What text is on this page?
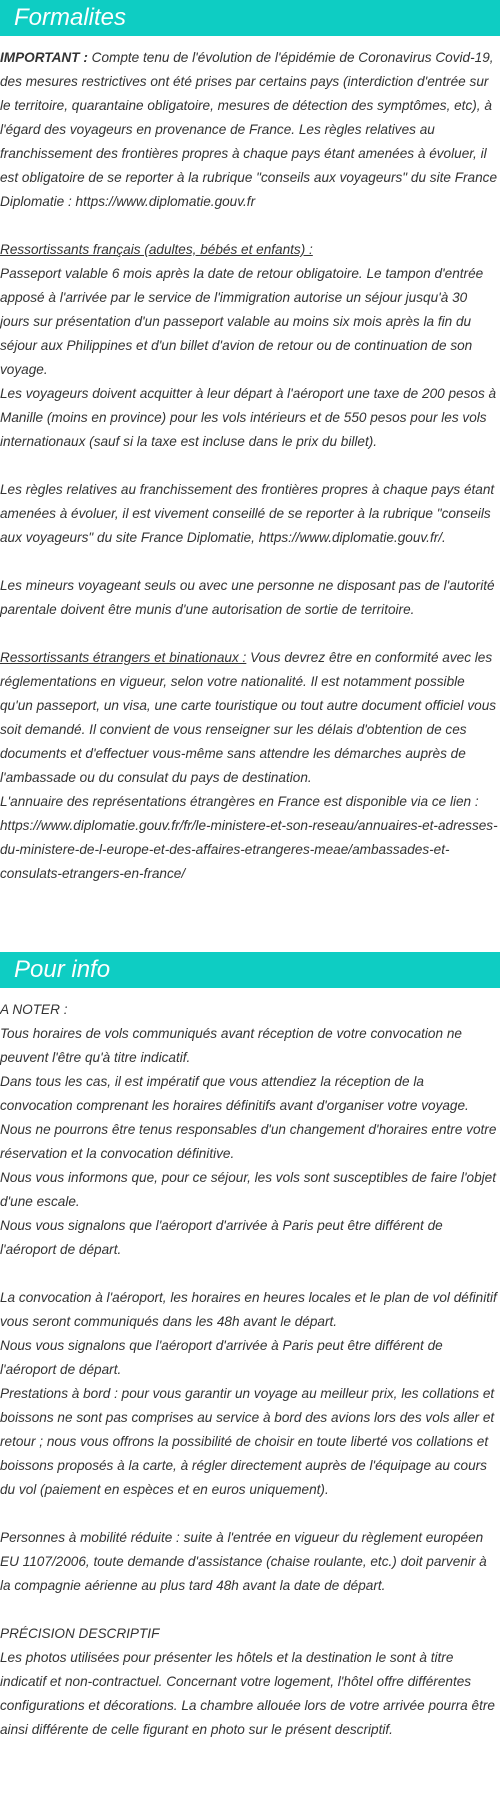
Formalites

IMPORTANT : Compte tenu de l'évolution de l'épidémie de Coronavirus Covid-19, des mesures restrictives ont été prises par certains pays (interdiction d'entrée sur le territoire, quarantaine obligatoire, mesures de détection des symptômes, etc), à l'égard des voyageurs en provenance de France. Les règles relatives au franchissement des frontières propres à chaque pays étant amenées à évoluer, il est obligatoire de se reporter à la rubrique "conseils aux voyageurs" du site France Diplomatie : https://www.diplomatie.gouv.fr

Ressortissants français (adultes, bébés et enfants) :

Passeport valable 6 mois après la date de retour obligatoire. Le tampon d'entrée apposé à l'arrivée par le service de l'immigration autorise un séjour jusqu'à 30 jours sur présentation d'un passeport valable au moins six mois après la fin du séjour aux Philippines et d'un billet d'avion de retour ou de continuation de son voyage.

Les voyageurs doivent acquitter à leur départ à l'aéroport une taxe de 200 pesos à Manille (moins en province) pour les vols intérieurs et de 550 pesos pour les vols internationaux (sauf si la taxe est incluse dans le prix du billet).

Les règles relatives au franchissement des frontières propres à chaque pays étant amenées à évoluer, il est vivement conseillé de se reporter à la rubrique "conseils aux voyageurs" du site France Diplomatie, https://www.diplomatie.gouv.fr/.

Les mineurs voyageant seuls ou avec une personne ne disposant pas de l'autorité parentale doivent être munis d'une autorisation de sortie de territoire.

Ressortissants étrangers et binationaux : Vous devrez être en conformité avec les réglementations en vigueur, selon votre nationalité. Il est notamment possible qu'un passeport, un visa, une carte touristique ou tout autre document officiel vous soit demandé. Il convient de vous renseigner sur les délais d'obtention de ces documents et d'effectuer vous-même sans attendre les démarches auprès de l'ambassade ou du consulat du pays de destination.

L'annuaire des représentations étrangères en France est disponible via ce lien : https://www.diplomatie.gouv.fr/fr/le-ministere-et-son-reseau/annuaires-et-adresses-du-ministere-de-l-europe-et-des-affaires-etrangeres-meae/ambassades-et-consulats-etrangers-en-france/

Pour info

A NOTER :

Tous horaires de vols communiqués avant réception de votre convocation ne peuvent l'être qu'à titre indicatif.

Dans tous les cas, il est impératif que vous attendiez la réception de la convocation comprenant les horaires définitifs avant d'organiser votre voyage.

Nous ne pourrons être tenus responsables d'un changement d'horaires entre votre réservation et la convocation définitive.

Nous vous informons que, pour ce séjour, les vols sont susceptibles de faire l'objet d'une escale.

Nous vous signalons que l'aéroport d'arrivée à Paris peut être différent de l'aéroport de départ.

La convocation à l'aéroport, les horaires en heures locales et le plan de vol définitif vous seront communiqués dans les 48h avant le départ.

Nous vous signalons que l'aéroport d'arrivée à Paris peut être différent de l'aéroport de départ.

Prestations à bord : pour vous garantir un voyage au meilleur prix, les collations et boissons ne sont pas comprises au service à bord des avions lors des vols aller et retour ; nous vous offrons la possibilité de choisir en toute liberté vos collations et boissons proposés à la carte, à régler directement auprès de l'équipage au cours du vol (paiement en espèces et en euros uniquement).

Personnes à mobilité réduite : suite à l'entrée en vigueur du règlement européen EU 1107/2006, toute demande d'assistance (chaise roulante, etc.) doit parvenir à la compagnie aérienne au plus tard 48h avant la date de départ.

PRÉCISION DESCRIPTIF

Les photos utilisées pour présenter les hôtels et la destination le sont à titre indicatif et non-contractuel. Concernant votre logement, l'hôtel offre différentes configurations et décorations. La chambre allouée lors de votre arrivée pourra être ainsi différente de celle figurant en photo sur le présent descriptif.
